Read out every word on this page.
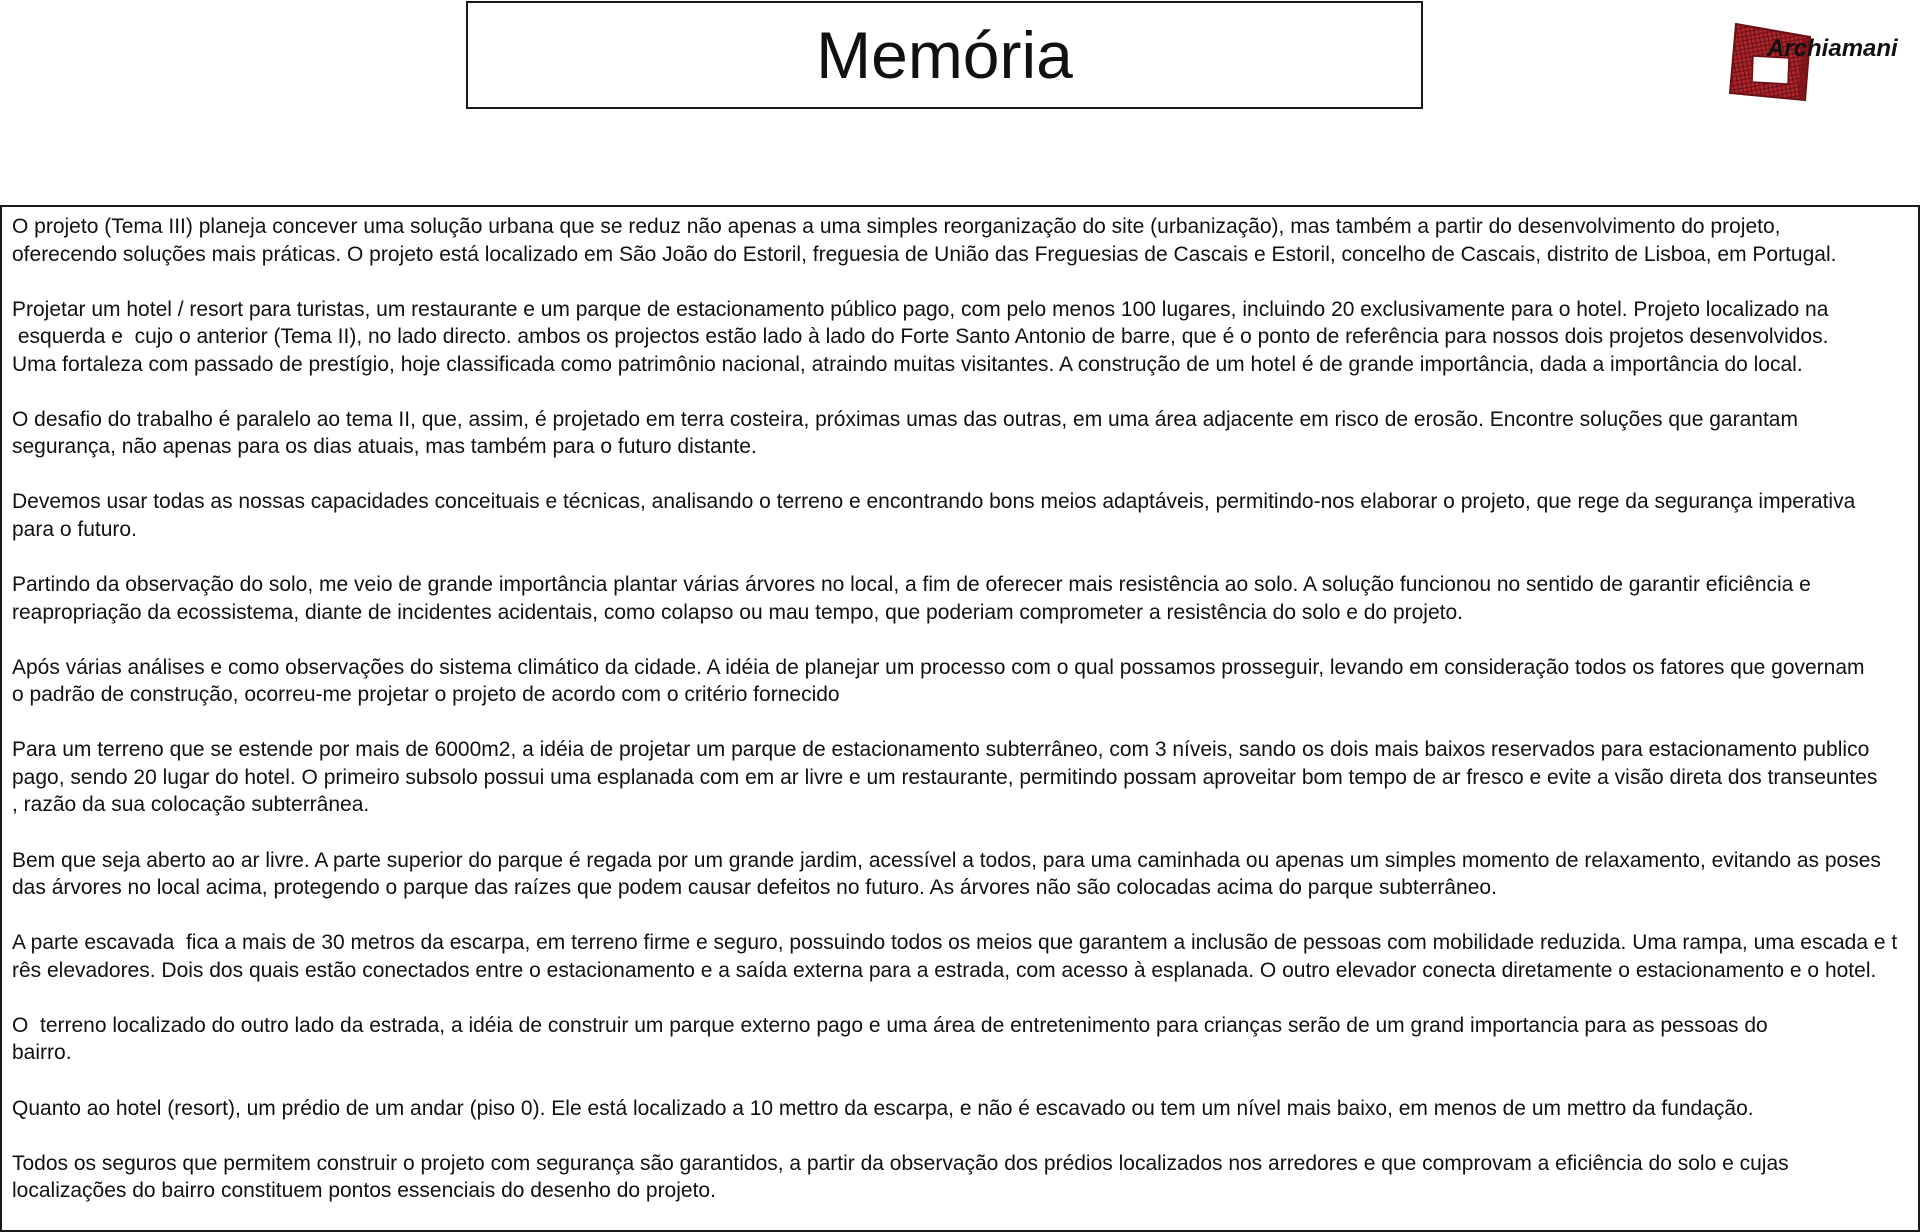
Memória	Archiamani
O projeto (Tema III) planeja concever uma solução urbana que se reduz não apenas a uma simples reorganização do site (urbanização), mas também a partir do desenvolvimento do projeto,
oferecendo soluções mais práticas. O projeto está localizado em São João do Estoril, freguesia de União das Freguesias de Cascais e Estoril, concelho de Cascais, distrito de Lisboa, em Portugal.
Projetar um hotel / resort para turistas, um restaurante e um parque de estacionamento público pago, com pelo menos 100 lugares, incluindo 20 exclusivamente para o hotel. Projeto localizado na
esquerda e  cujo o anterior (Tema II), no lado directo. ambos os projectos estão lado à lado do Forte Santo Antonio de barre, que é o ponto de referência para nossos dois projetos desenvolvidos.
Uma fortaleza com passado de prestígio, hoje classificada como patrimônio nacional, atraindo muitas visitantes. A construção de um hotel é de grande importância, dada a importância do local.
O desafio do trabalho é paralelo ao tema II, que, assim, é projetado em terra costeira, próximas umas das outras, em uma área adjacente em risco de erosão. Encontre soluções que garantam
segurança, não apenas para os dias atuais, mas também para o futuro distante.
Devemos usar todas as nossas capacidades conceituais e técnicas, analisando o terreno e encontrando bons meios adaptáveis, permitindo-nos elaborar o projeto, que rege da segurança imperativa
para o futuro.
Partindo da observação do solo, me veio de grande importância plantar várias árvores no local, a fim de oferecer mais resistência ao solo. A solução funcionou no sentido de garantir eficiência e
reapropriação da ecossistema, diante de incidentes acidentais, como colapso ou mau tempo, que poderiam comprometer a resistência do solo e do projeto.
Após várias análises e como observações do sistema climático da cidade. A idéia de planejar um processo com o qual possamos prosseguir, levando em consideração todos os fatores que governam
o padrão de construção, ocorreu-me projetar o projeto de acordo com o critério fornecido
Para um terreno que se estende por mais de 6000m2, a idéia de projetar um parque de estacionamento subterrâneo, com 3 níveis, sando os dois mais baixos reservados para estacionamento publico
pago, sendo 20 lugar do hotel. O primeiro subsolo possui uma esplanada com em ar livre e um restaurante, permitindo possam aproveitar bom tempo de ar fresco e evite a visão direta dos transeuntes
, razão da sua colocação subterrânea.
Bem que seja aberto ao ar livre. A parte superior do parque é regada por um grande jardim, acessível a todos, para uma caminhada ou apenas um simples momento de relaxamento, evitando as poses
das árvores no local acima, protegendo o parque das raízes que podem causar defeitos no futuro. As árvores não são colocadas acima do parque subterrâneo.
A parte escavada  fica a mais de 30 metros da escarpa, em terreno firme e seguro, possuindo todos os meios que garantem a inclusão de pessoas com mobilidade reduzida. Uma rampa, uma escada e t
rês elevadores. Dois dos quais estão conectados entre o estacionamento e a saída externa para a estrada, com acesso à esplanada. O outro elevador conecta diretamente o estacionamento e o hotel.
O  terreno localizado do outro lado da estrada, a idéia de construir um parque externo pago e uma área de entretenimento para crianças serão de um grand importancia para as pessoas do
bairro.
Quanto ao hotel (resort), um prédio de um andar (piso 0). Ele está localizado a 10 mettro da escarpa, e não é escavado ou tem um nível mais baixo, em menos de um mettro da fundação.
Todos os seguros que permitem construir o projeto com segurança são garantidos, a partir da observação dos prédios localizados nos arredores e que comprovam a eficiência do solo e cujas
localizações do bairro constituem pontos essenciais do desenho do projeto.
